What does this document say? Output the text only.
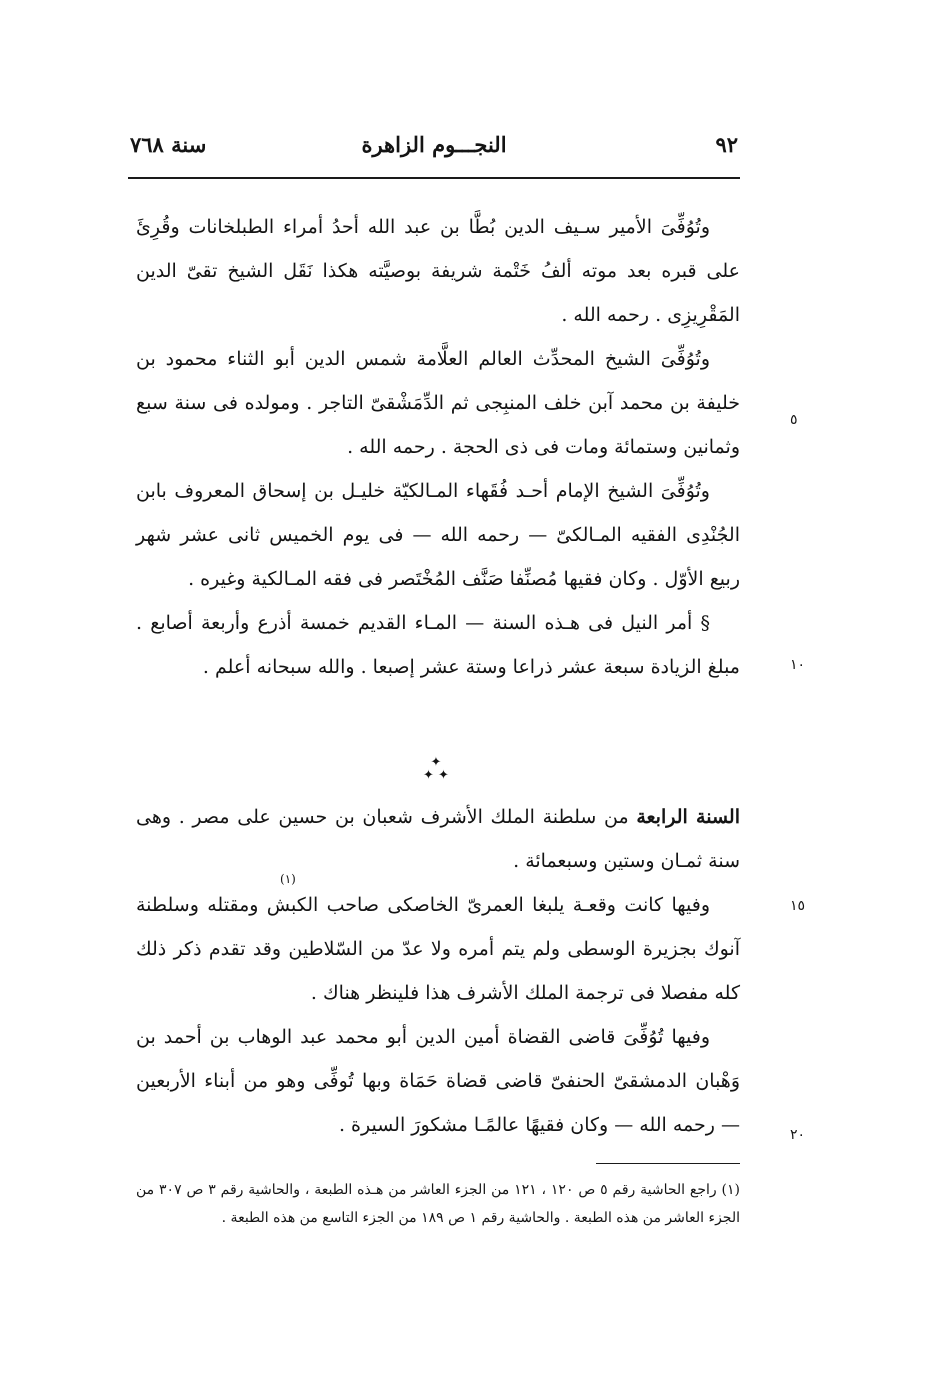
٩٢
النجـــوم الزاهرة
سنة ٧٦٨

وتُوُفِّىَ الأمير سـيف الدين بُطَّا بن عبد الله أحدُ أمراء الطبلخانات وقُرِئَ على قبره بعد موته ألفُ خَتْمة شريفة بوصيَّته هكذا نَقَل الشيخ تقىّ الدين المَقْرِيزِى . رحمه الله .

وتُوُفِّىَ الشيخ المحدِّث العالم العلَّامة شمس الدين أبو الثناء محمود بن خليفة بن محمد آبن خلف المنبِجى ثم الدِّمَشْقىّ التاجر . ومولده فى سنة سبع وثمانين وستمائة ومات فى ذى الحجة . رحمه الله .

وتُوُفِّىَ الشيخ الإمام أحـد فُقَهاء المـالكيّة خليـل بن إسحاق المعروف بابن الجُنْدِى الفقيه المـالكىّ — رحمه الله — فى يوم الخميس ثانى عشر شهر ربيع الأوّل . وكان فقيها مُصنِّفا صَنَّف المُخْتَصر فى فقه المـالكية وغيره .

§ أمر النيل فى هـذه السنة — المـاء القديم خمسة أذرع وأربعة أصابع . مبلغ الزيادة سبعة عشر ذراعا وستة عشر إصبعا . والله سبحانه أعلم .

✦
✦ ✦

السنة الرابعة من سلطنة الملك الأشرف شعبان بن حسين على مصر . وهى سنة ثمـان وستين وسبعمائة .

وفيها كانت وقعـة يلبغا العمرىّ الخاصكى صاحب الكبش ومقتله وسلطنة آنوك بجزيرة الوسطى ولم يتم أمره ولا عدّ من السّلاطين وقد تقدم ذكر ذلك كله مفصلا فى ترجمة الملك الأشرف هذا فلينظر هناك .

وفيها تُوُفِّىَ قاضى القضاة أمين الدين أبو محمد عبد الوهاب بن أحمد بن وَهْبان الدمشقىّ الحنفىّ قاضى قضاة حَمَاة وبها تُوفِّى وهو من أبناء الأربعين — رحمه الله — وكان فقيهًا عالمًـا مشكورَ السيرة .

٥
١٠
١٥
٢٠
(١)

(١) راجع الحاشية رقم ٥ ص ١٢٠ ، ١٢١ من الجزء العاشر من هـذه الطبعة ، والحاشية رقم ٣ ص ٣٠٧ من الجزء العاشر من هذه الطبعة . والحاشية رقم ١ ص ١٨٩ من الجزء التاسع من هذه الطبعة .
